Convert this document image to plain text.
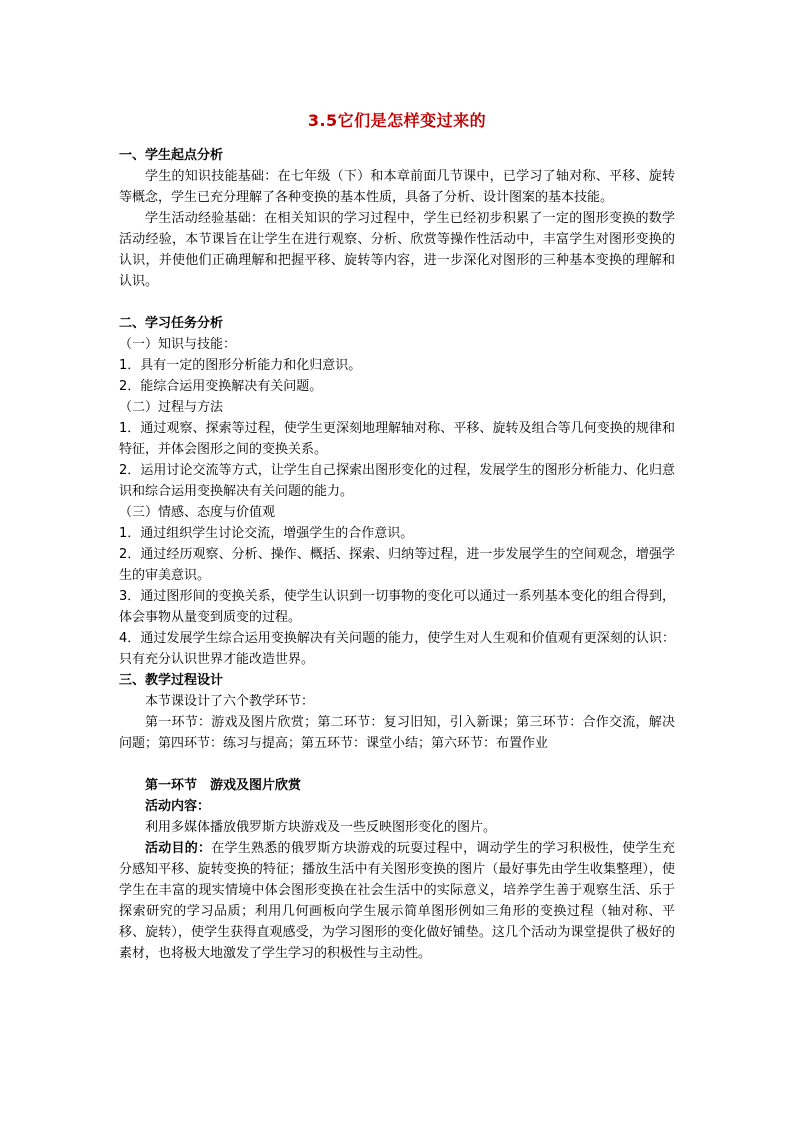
3.5它们是怎样变过来的
一、学生起点分析

学生的知识技能基础：在七年级（下）和本章前面几节课中，已学习了轴对称、平移、旋转等概念，学生已充分理解了各种变换的基本性质，具备了分析、设计图案的基本技能。

学生活动经验基础：在相关知识的学习过程中，学生已经初步积累了一定的图形变换的数学活动经验，本节课旨在让学生在进行观察、分析、欣赏等操作性活动中，丰富学生对图形变换的认识，并使他们正确理解和把握平移、旋转等内容，进一步深化对图形的三种基本变换的理解和认识。

二、学习任务分析

（一）知识与技能：

1．具有一定的图形分析能力和化归意识。

2．能综合运用变换解决有关问题。

（二）过程与方法

1．通过观察、探索等过程，使学生更深刻地理解轴对称、平移、旋转及组合等几何变换的规律和特征，并体会图形之间的变换关系。

2．运用讨论交流等方式，让学生自己探索出图形变化的过程，发展学生的图形分析能力、化归意识和综合运用变换解决有关问题的能力。

（三）情感、态度与价值观

1．通过组织学生讨论交流，增强学生的合作意识。

2．通过经历观察、分析、操作、概括、探索、归纳等过程，进一步发展学生的空间观念，增强学生的审美意识。

3．通过图形间的变换关系，使学生认识到一切事物的变化可以通过一系列基本变化的组合得到，体会事物从量变到质变的过程。

4．通过发展学生综合运用变换解决有关问题的能力，使学生对人生观和价值观有更深刻的认识：只有充分认识世界才能改造世界。

三、教学过程设计

本节课设计了六个教学环节：

第一环节：游戏及图片欣赏；第二环节：复习旧知，引入新课；第三环节：合作交流，解决问题；第四环节：练习与提高；第五环节：课堂小结；第六环节：布置作业

第一环节　游戏及图片欣赏

活动内容：

利用多媒体播放俄罗斯方块游戏及一些反映图形变化的图片。

活动目的：在学生熟悉的俄罗斯方块游戏的玩耍过程中，调动学生的学习积极性，使学生充分感知平移、旋转变换的特征；播放生活中有关图形变换的图片（最好事先由学生收集整理），使学生在丰富的现实情境中体会图形变换在社会生活中的实际意义，培养学生善于观察生活、乐于探索研究的学习品质；利用几何画板向学生展示简单图形例如三角形的变换过程（轴对称、平移、旋转），使学生获得直观感受，为学习图形的变化做好铺垫。这几个活动为课堂提供了极好的素材，也将极大地激发了学生学习的积极性与主动性。
